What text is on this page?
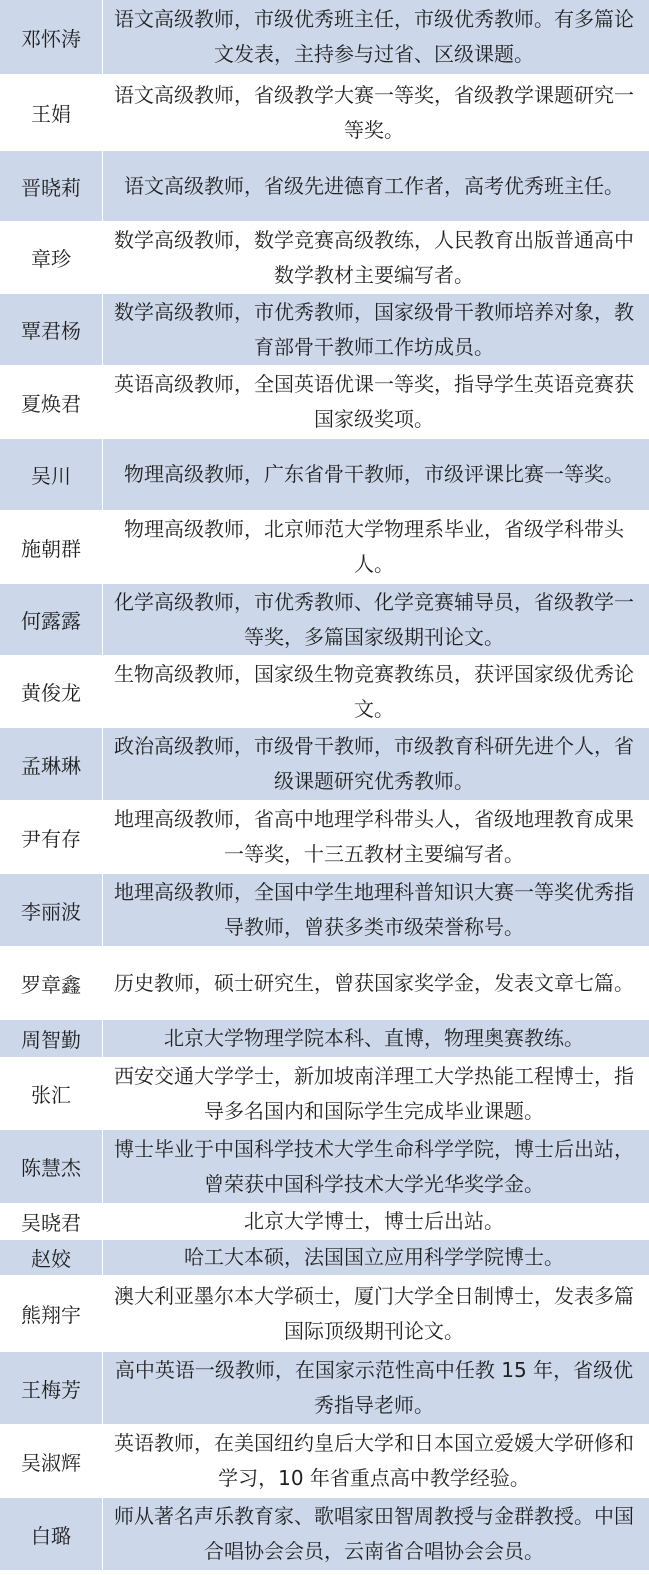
邓怀涛	语文高级教师，市级优秀班主任，市级优秀教师。有多篇论文发表，主持参与过省、区级课题。
王娟	语文高级教师，省级教学大赛一等奖，省级教学课题研究一等奖。
晋晓莉	语文高级教师，省级先进德育工作者，高考优秀班主任。
章珍	数学高级教师，数学竞赛高级教练，人民教育出版普通高中数学教材主要编写者。
覃君杨	数学高级教师，市优秀教师，国家级骨干教师培养对象，教育部骨干教师工作坊成员。
夏焕君	英语高级教师，全国英语优课一等奖，指导学生英语竞赛获国家级奖项。
吴川	物理高级教师，广东省骨干教师，市级评课比赛一等奖。
施朝群	物理高级教师，北京师范大学物理系毕业，省级学科带头人。
何露露	化学高级教师，市优秀教师、化学竞赛辅导员，省级教学一等奖，多篇国家级期刊论文。
黄俊龙	生物高级教师，国家级生物竞赛教练员，获评国家级优秀论文。
孟琳琳	政治高级教师，市级骨干教师，市级教育科研先进个人，省级课题研究优秀教师。
尹有存	地理高级教师，省高中地理学科带头人，省级地理教育成果一等奖，十三五教材主要编写者。
李丽波	地理高级教师，全国中学生地理科普知识大赛一等奖优秀指导教师，曾获多类市级荣誉称号。
罗章鑫	历史教师，硕士研究生，曾获国家奖学金，发表文章七篇。
周智勤	北京大学物理学院本科、直博，物理奥赛教练。
张汇	西安交通大学学士，新加坡南洋理工大学热能工程博士，指导多名国内和国际学生完成毕业课题。
陈慧杰	博士毕业于中国科学技术大学生命科学学院，博士后出站，曾荣获中国科学技术大学光华奖学金。
吴晓君	北京大学博士，博士后出站。
赵姣	哈工大本硕，法国国立应用科学学院博士。
熊翔宇	澳大利亚墨尔本大学硕士，厦门大学全日制博士，发表多篇国际顶级期刊论文。
王梅芳	高中英语一级教师，在国家示范性高中任教 15 年，省级优秀指导老师。
吴淑辉	英语教师，在美国纽约皇后大学和日本国立爱媛大学研修和学习，10 年省重点高中教学经验。
白璐	师从著名声乐教育家、歌唱家田智周教授与金群教授。中国合唱协会会员，云南省合唱协会会员。
